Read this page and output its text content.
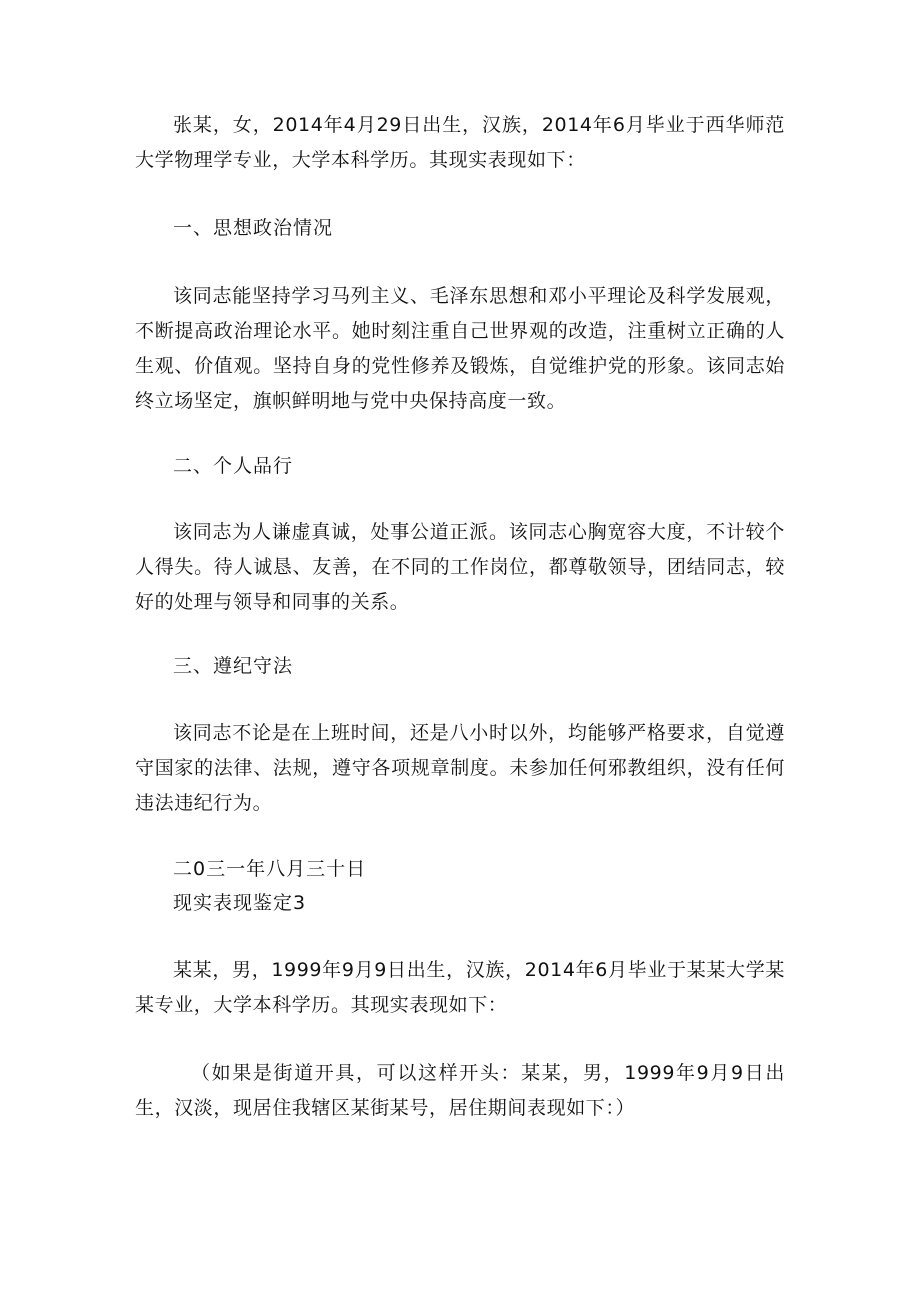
张某，女，2014年4月29日出生，汉族，2014年6月毕业于西华师范大学物理学专业，大学本科学历。其现实表现如下：

一、思想政治情况

该同志能坚持学习马列主义、毛泽东思想和邓小平理论及科学发展观，不断提高政治理论水平。她时刻注重自己世界观的改造，注重树立正确的人生观、价值观。坚持自身的党性修养及锻炼，自觉维护党的形象。该同志始终立场坚定，旗帜鲜明地与党中央保持高度一致。

二、个人品行

该同志为人谦虚真诚，处事公道正派。该同志心胸宽容大度，不计较个人得失。待人诚恳、友善，在不同的工作岗位，都尊敬领导，团结同志，较好的处理与领导和同事的关系。

三、遵纪守法

该同志不论是在上班时间，还是八小时以外，均能够严格要求，自觉遵守国家的法律、法规，遵守各项规章制度。未参加任何邪教组织，没有任何违法违纪行为。

二0三一年八月三十日

现实表现鉴定3

某某，男，1999年9月9日出生，汉族，2014年6月毕业于某某大学某某专业，大学本科学历。其现实表现如下：

（如果是街道开具，可以这样开头：某某，男，1999年9月9日出生，汉淡，现居住我辖区某街某号，居住期间表现如下：）
